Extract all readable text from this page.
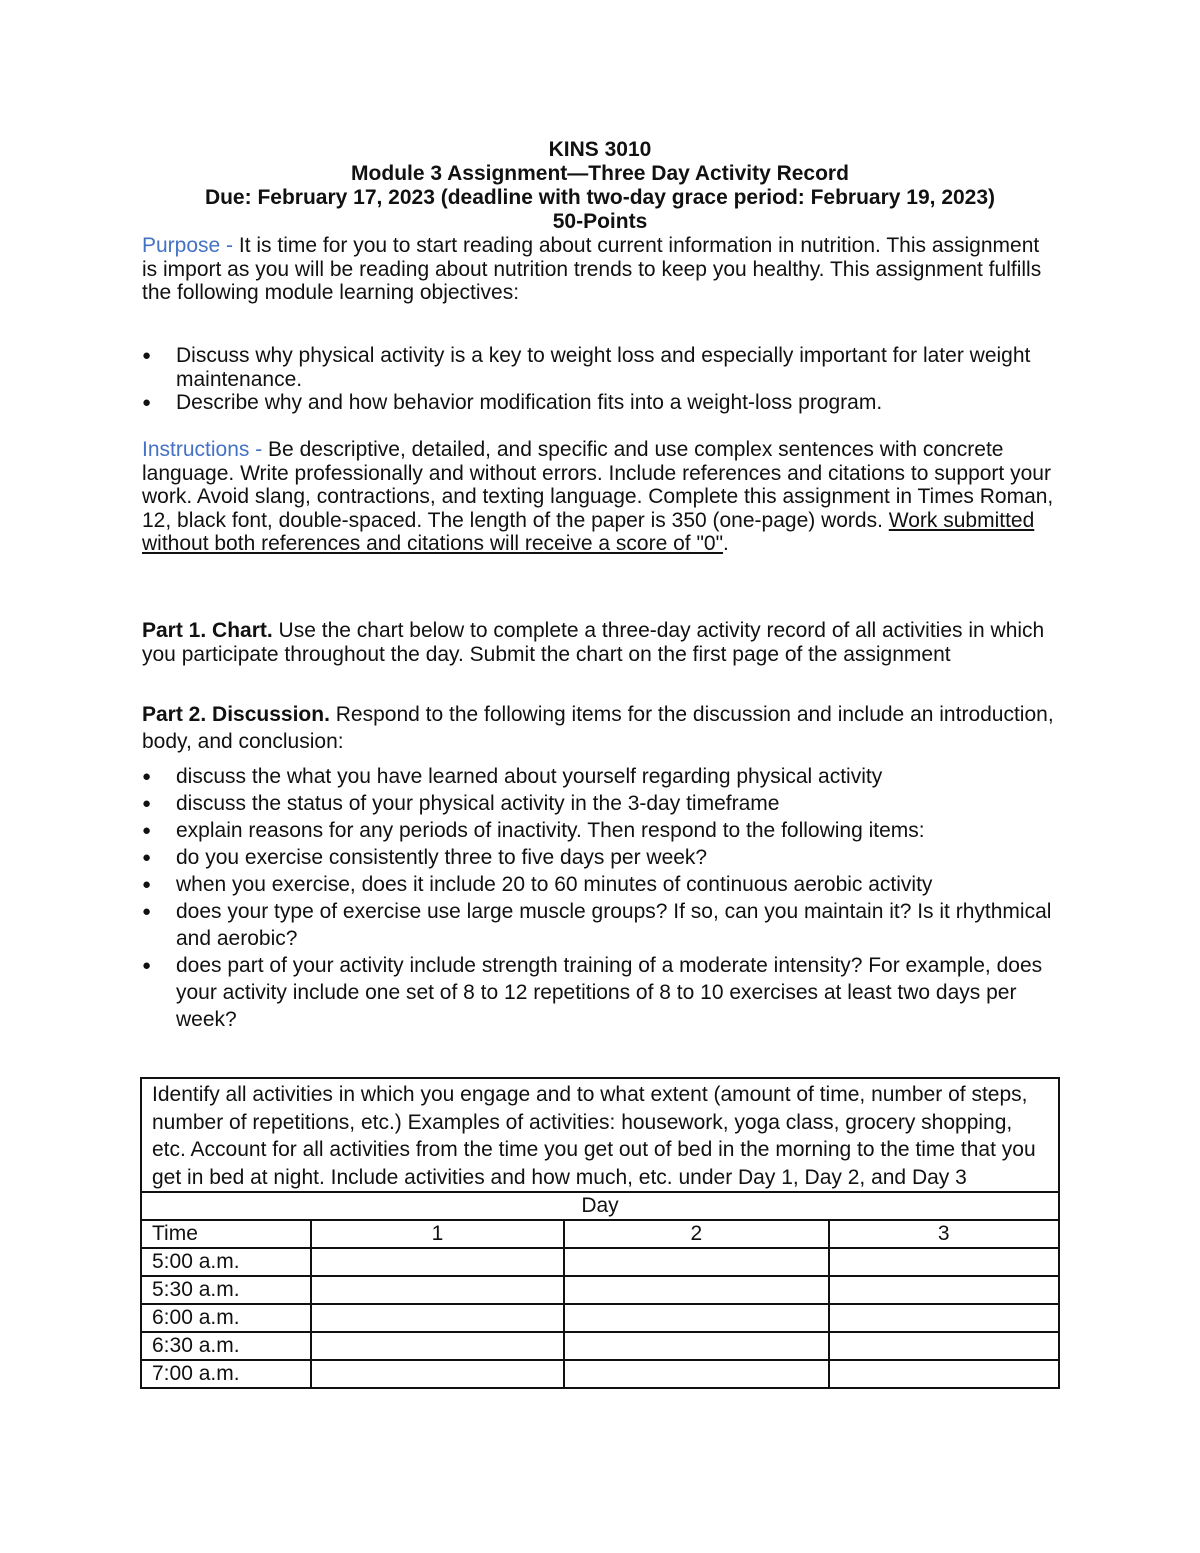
KINS 3010
Module 3 Assignment—Three Day Activity Record
Due: February 17, 2023 (deadline with two-day grace period: February 19, 2023)
50-Points
Purpose - It is time for you to start reading about current information in nutrition. This assignment is import as you will be reading about nutrition trends to keep you healthy. This assignment fulfills the following module learning objectives:
● Discuss why physical activity is a key to weight loss and especially important for later weight maintenance.
● Describe why and how behavior modification fits into a weight-loss program.
Instructions - Be descriptive, detailed, and specific and use complex sentences with concrete language. Write professionally and without errors. Include references and citations to support your work. Avoid slang, contractions, and texting language. Complete this assignment in Times Roman, 12, black font, double-spaced. The length of the paper is 350 (one-page) words. Work submitted without both references and citations will receive a score of "0".
Part 1. Chart. Use the chart below to complete a three-day activity record of all activities in which you participate throughout the day. Submit the chart on the first page of the assignment
Part 2. Discussion. Respond to the following items for the discussion and include an introduction, body, and conclusion:
● discuss the what you have learned about yourself regarding physical activity
● discuss the status of your physical activity in the 3-day timeframe
● explain reasons for any periods of inactivity. Then respond to the following items:
● do you exercise consistently three to five days per week?
● when you exercise, does it include 20 to 60 minutes of continuous aerobic activity
● does your type of exercise use large muscle groups? If so, can you maintain it? Is it rhythmical and aerobic?
● does part of your activity include strength training of a moderate intensity? For example, does your activity include one set of 8 to 12 repetitions of 8 to 10 exercises at least two days per week?
Identify all activities in which you engage and to what extent (amount of time, number of steps, number of repetitions, etc.) Examples of activities: housework, yoga class, grocery shopping, etc. Account for all activities from the time you get out of bed in the morning to the time that you get in bed at night. Include activities and how much, etc. under Day 1, Day 2, and Day 3			
Day			
Time	1	2	3
5:00 a.m.			
5:30 a.m.			
6:00 a.m.			
6:30 a.m.			
7:00 a.m.			
